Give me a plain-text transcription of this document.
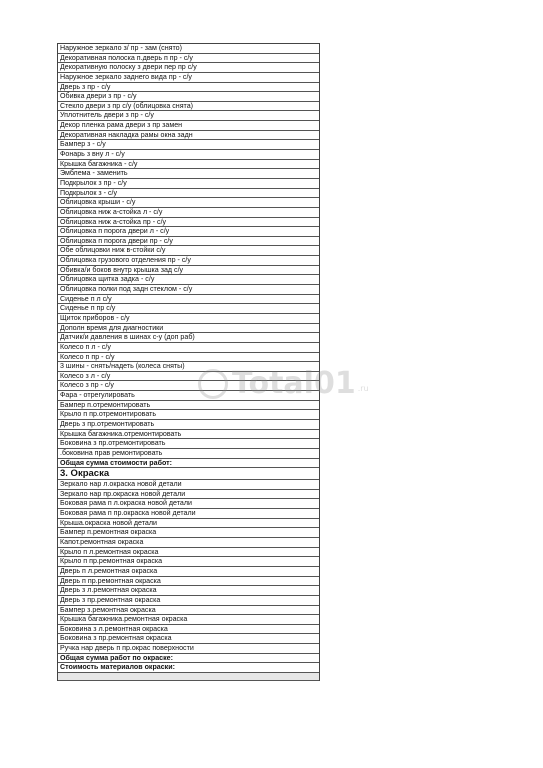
Наружное зеркало з/ пр - зам (снято)
Декоративная полоска п.дверь п пр - с/у
Декоративную полоску з двери пер пр с/у
Наружное зеркало заднего вида пр - с/у
Дверь з пр - с/у
Обивка двери з пр - с/у
Стекло двери з пр с/у (облицовка снята)
Уплотнитель двери з пр - с/у
Декор пленка рама двери з пр замен
Декоративная накладка рамы окна задн
Бампер з - с/у
Фонарь з вну л - с/у
Крышка багажника - с/у
Эмблема - заменить
Подкрылок з пр - с/у
Подкрылок з - с/у
Облицовка крыши - с/у
Облицовка ниж а-стойка л - с/у
Облицовка ниж а-стойка пр - с/у
Облицовка п порога двери л - с/у
Облицовка п порога двери пр - с/у
Обе облицовки ниж в-стойки с/у
Облицовка грузового отделения пр - с/у
Обивка/и боков внутр крышка зад с/у
Облицовка щитка задка - с/у
Облицовка полки под задн стеклом - с/у
Сиденье п л с/у
Сиденье п пр с/у
Щиток приборов - с/у
Дополн время для диагностики
Датчик/и давления в шинах с-у (доп раб)
Колесо п л - с/у
Колесо п пр - с/у
3 шины - снять/надеть (колеса сняты)
Колесо з л - с/у
Колесо з пр - с/у
Фара - отрегулировать
Бампер п.отремонтировать
Крыло п пр.отремонтировать
Дверь з пр.отремонтировать
Крышка багажника.отремонтировать
Боковина з пр.отремонтировать
.боковина прав ремонтировать
Общая сумма стоимости работ:
3. Окраска
Зеркало нар л.окраска новой детали
Зеркало нар пр.окраска новой детали
Боковая рама п л.окраска новой детали
Боковая рама п пр.окраска новой детали
Крыша.окраска новой детали
Бампер п.ремонтная окраска
Капот.ремонтная окраска
Крыло п л.ремонтная окраска
Крыло п пр.ремонтная окраска
Дверь п л.ремонтная окраска
Дверь п пр.ремонтная окраска
Дверь з л.ремонтная окраска
Дверь з пр.ремонтная окраска
Бампер з.ремонтная окраска
Крышка багажника.ремонтная окраска
Боковина з л.ремонтная окраска
Боковина з пр.ремонтная окраска
Ручка нар дверь п пр.окрас поверхности
Общая сумма работ по окраске:
Стоимость материалов окраски:
Total01 .ru
